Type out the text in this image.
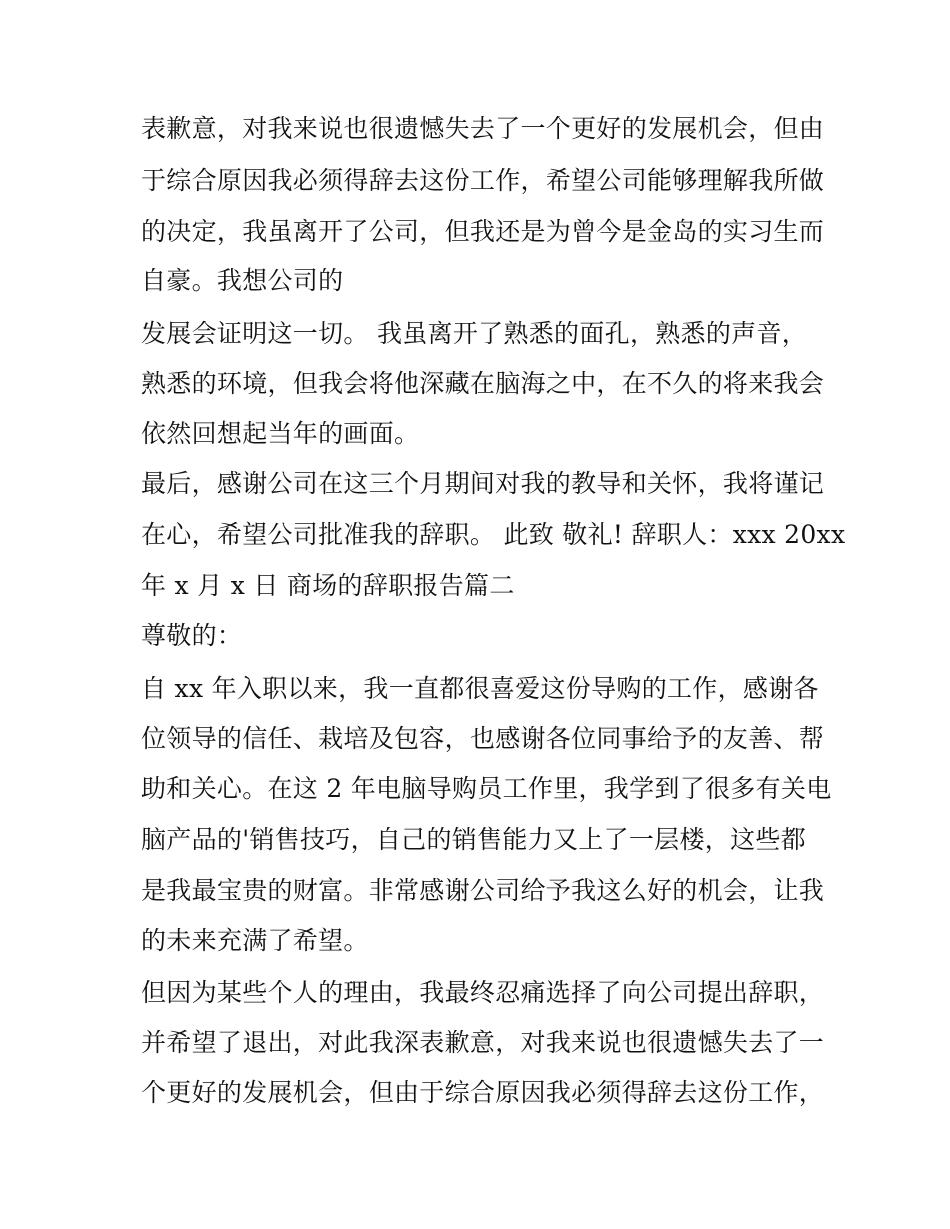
表歉意，对我来说也很遗憾失去了一个更好的发展机会，但由
于综合原因我必须得辞去这份工作，希望公司能够理解我所做
的决定，我虽离开了公司，但我还是为曾今是金岛的实习生而
自豪。我想公司的
发展会证明这一切。 我虽离开了熟悉的面孔，熟悉的声音，
熟悉的环境，但我会将他深藏在脑海之中，在不久的将来我会
依然回想起当年的画面。
最后，感谢公司在这三个月期间对我的教导和关怀，我将谨记
在心，希望公司批准我的辞职。 此致 敬礼! 辞职人：xxx 20xx
年 x 月 x 日 商场的辞职报告篇二
尊敬的：
自 xx 年入职以来，我一直都很喜爱这份导购的工作，感谢各
位领导的信任、栽培及包容，也感谢各位同事给予的友善、帮
助和关心。在这 2 年电脑导购员工作里，我学到了很多有关电
脑产品的'销售技巧，自己的销售能力又上了一层楼，这些都
是我最宝贵的财富。非常感谢公司给予我这么好的机会，让我
的未来充满了希望。
但因为某些个人的理由，我最终忍痛选择了向公司提出辞职，
并希望了退出，对此我深表歉意，对我来说也很遗憾失去了一
个更好的发展机会，但由于综合原因我必须得辞去这份工作，
